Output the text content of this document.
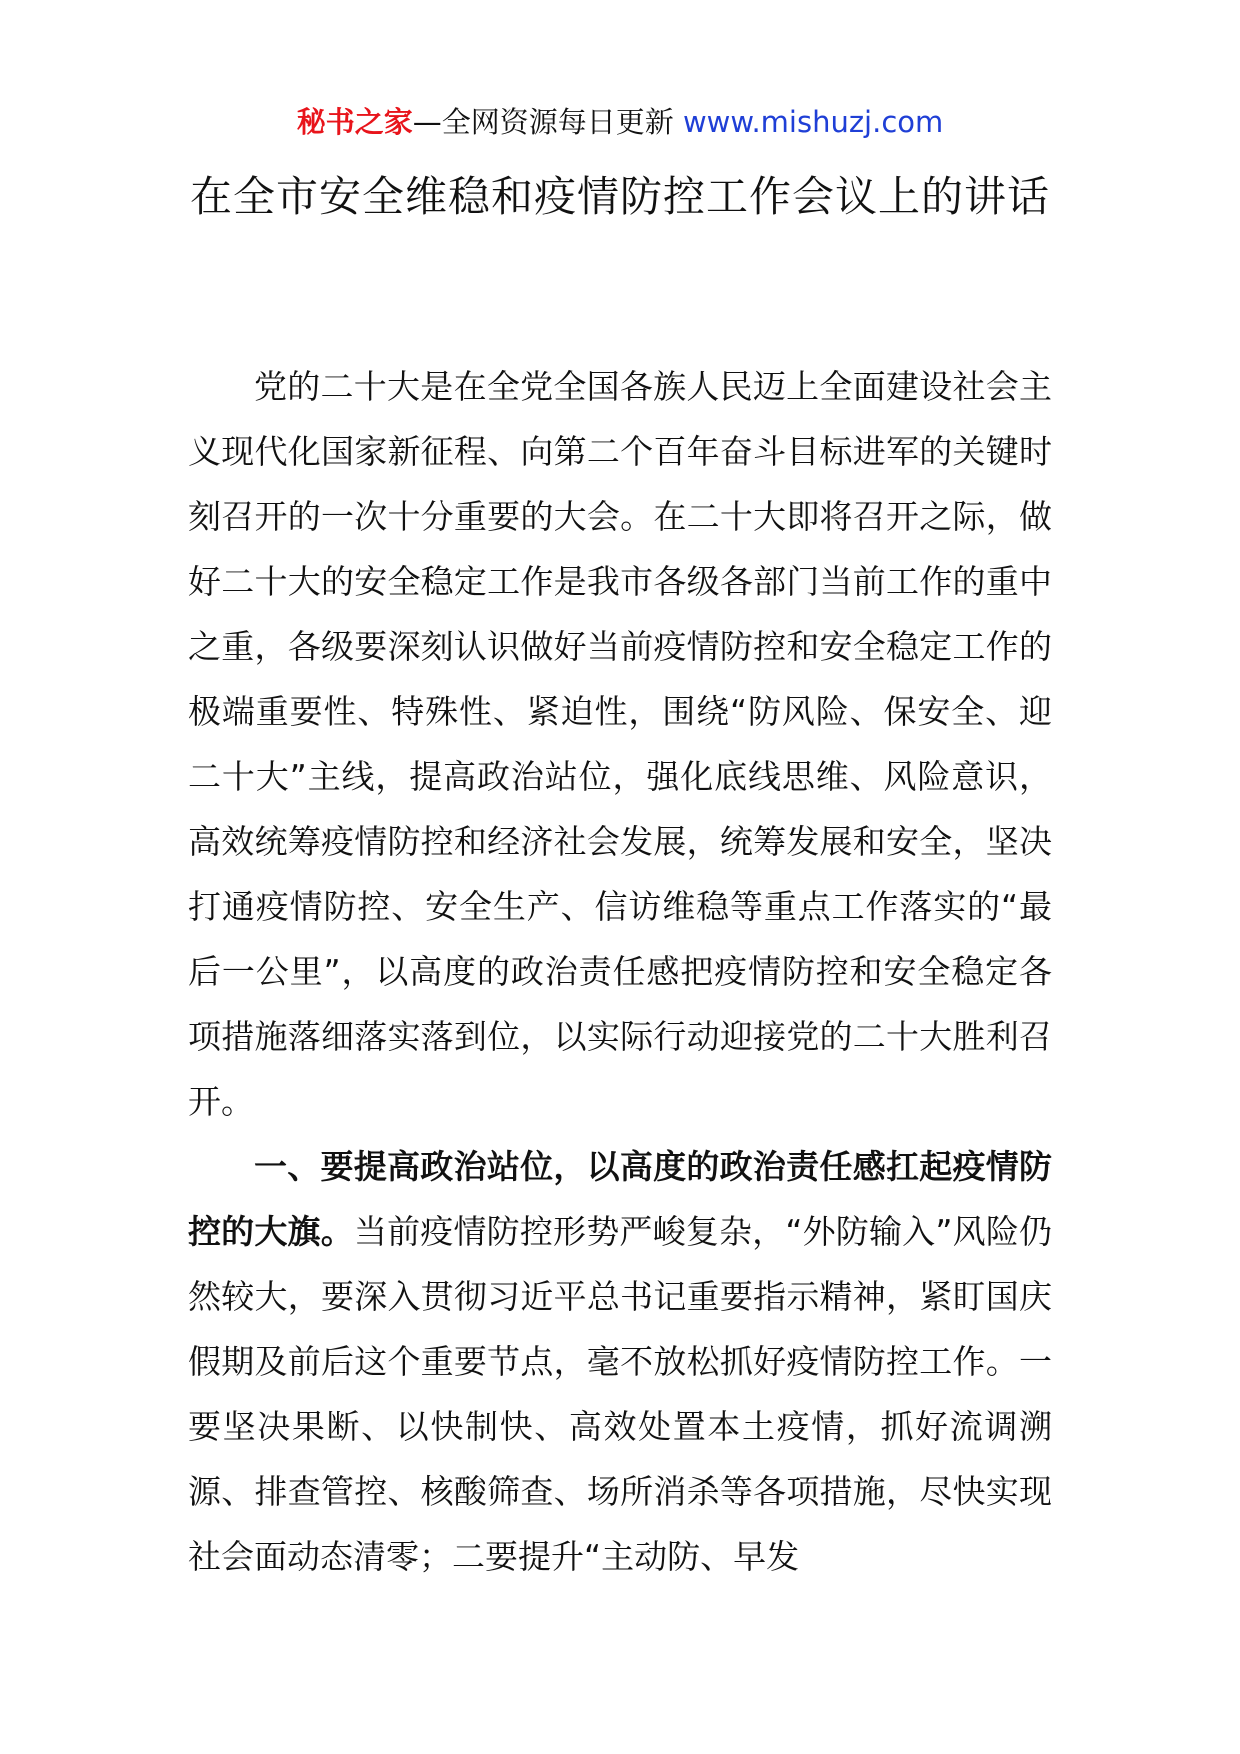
秘书之家—全网资源每日更新 www.mishuzj.com
在全市安全维稳和疫情防控工作会议上的讲话

党的二十大是在全党全国各族人民迈上全面建设社会主义现代化国家新征程、向第二个百年奋斗目标进军的关键时刻召开的一次十分重要的大会。在二十大即将召开之际，做好二十大的安全稳定工作是我市各级各部门当前工作的重中之重，各级要深刻认识做好当前疫情防控和安全稳定工作的极端重要性、特殊性、紧迫性，围绕“防风险、保安全、迎二十大”主线，提高政治站位，强化底线思维、风险意识，高效统筹疫情防控和经济社会发展，统筹发展和安全，坚决打通疫情防控、安全生产、信访维稳等重点工作落实的“最后一公里”，以高度的政治责任感把疫情防控和安全稳定各项措施落细落实落到位，以实际行动迎接党的二十大胜利召开。

一、要提高政治站位，以高度的政治责任感扛起疫情防控的大旗。当前疫情防控形势严峻复杂，“外防输入”风险仍然较大，要深入贯彻习近平总书记重要指示精神，紧盯国庆假期及前后这个重要节点，毫不放松抓好疫情防控工作。一要坚决果断、以快制快、高效处置本土疫情，抓好流调溯源、排查管控、核酸筛查、场所消杀等各项措施，尽快实现社会面动态清零；二要提升“主动防、早发
